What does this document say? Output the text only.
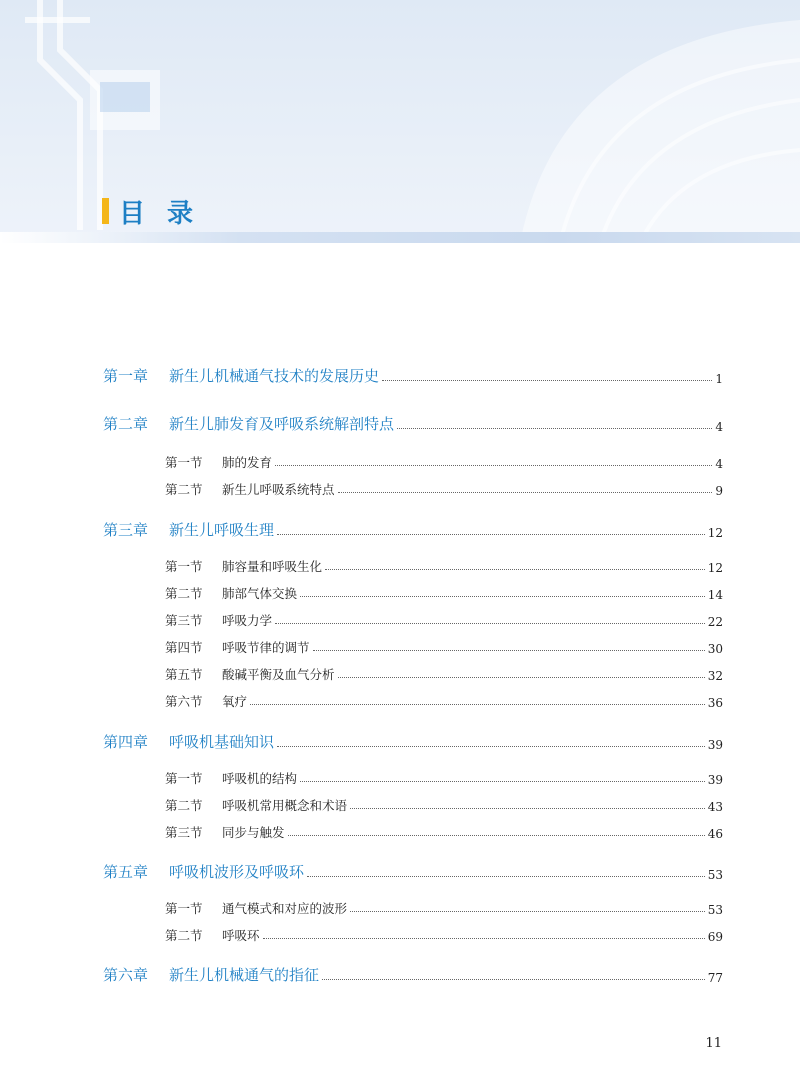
目录
第一章 新生儿机械通气技术的发展历史	1
第二章 新生儿肺发育及呼吸系统解剖特点	4
第一节 肺的发育	4
第二节 新生儿呼吸系统特点	9
第三章 新生儿呼吸生理	12
第一节 肺容量和呼吸生化	12
第二节 肺部气体交换	14
第三节 呼吸力学	22
第四节 呼吸节律的调节	30
第五节 酸碱平衡及血气分析	32
第六节 氧疗	36
第四章 呼吸机基础知识	39
第一节 呼吸机的结构	39
第二节 呼吸机常用概念和术语	43
第三节 同步与触发	46
第五章 呼吸机波形及呼吸环	53
第一节 通气模式和对应的波形	53
第二节 呼吸环	69
第六章 新生儿机械通气的指征	77
11
